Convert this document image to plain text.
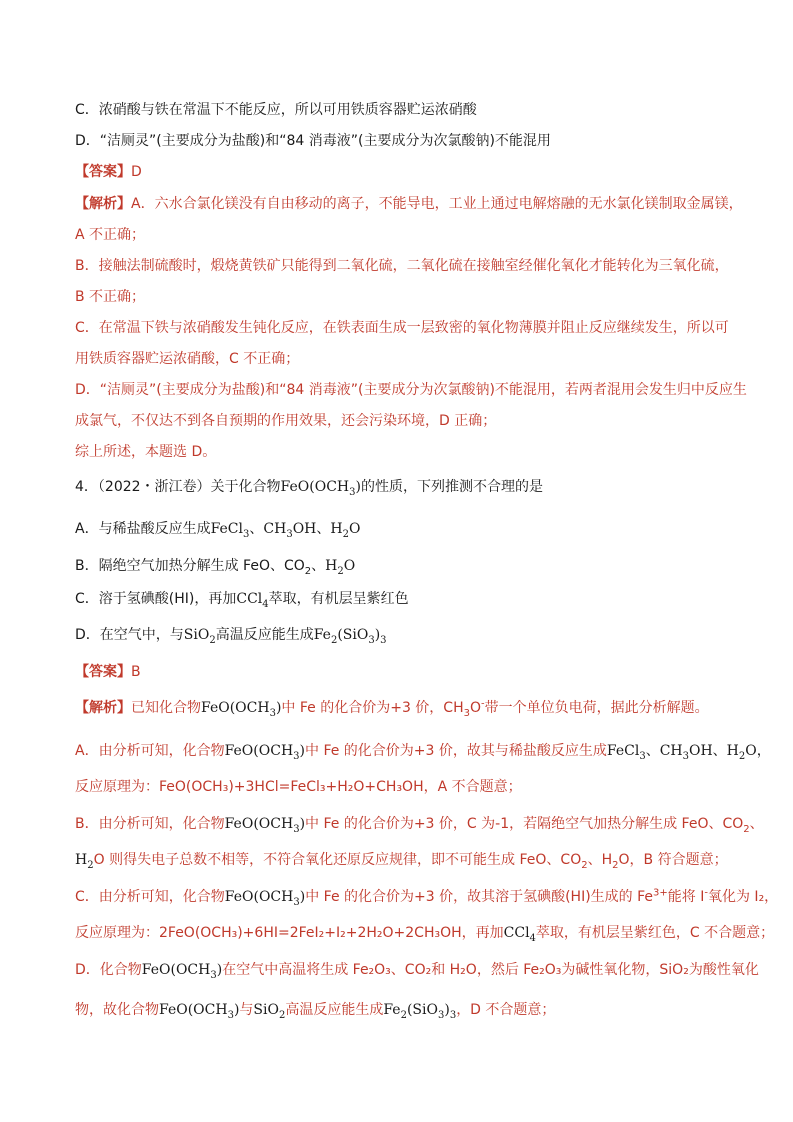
C．浓硝酸与铁在常温下不能反应，所以可用铁质容器贮运浓硝酸
D．“洁厕灵”(主要成分为盐酸)和“84 消毒液”(主要成分为次氯酸钠)不能混用
【答案】D
【解析】A．六水合氯化镁没有自由移动的离子，不能导电，工业上通过电解熔融的无水氯化镁制取金属镁，
A 不正确；
B．接触法制硫酸时，煅烧黄铁矿只能得到二氧化硫，二氧化硫在接触室经催化氧化才能转化为三氧化硫，
B 不正确；
C．在常温下铁与浓硝酸发生钝化反应，在铁表面生成一层致密的氧化物薄膜并阻止反应继续发生，所以可
用铁质容器贮运浓硝酸，C 不正确；
D．“洁厕灵”(主要成分为盐酸)和“84 消毒液”(主要成分为次氯酸钠)不能混用，若两者混用会发生归中反应生
成氯气，不仅达不到各自预期的作用效果，还会污染环境，D 正确；
综上所述，本题选 D。
4．（2022・浙江卷）关于化合物$FeO(OCH_3)$的性质，下列推测不合理的是
A．与稀盐酸反应生成FeCl$_3$、$CH_3OH$、$H_2O$
B．隔绝空气加热分解生成 FeO、$CO_2$、$H_2O$
C．溶于氢碘酸(HI)，再加CCl$_4$萃取，有机层呈紫红色
D．在空气中，与SiO$_2$高温反应能生成$Fe_2(SiO_3)_3$
【答案】B
【解析】已知化合物$FeO(OCH_3)$中 Fe 的化合价为+3 价，$CH_3O^-$带一个单位负电荷，据此分析解题。
A．由分析可知，化合物$FeO(OCH_3)$中 Fe 的化合价为+3 价，故其与稀盐酸反应生成FeCl$_3$、$CH_3OH$、$H_2O$，
反应原理为：FeO(OCH₃)+3HCl=FeCl₃+H₂O+CH₃OH，A 不合题意；
B．由分析可知，化合物$FeO(OCH_3)$中 Fe 的化合价为+3 价，C 为-1，若隔绝空气加热分解生成 FeO、$CO_2$、
$H_2O$ 则得失电子总数不相等，不符合氧化还原反应规律，即不可能生成 FeO、$CO_2$、$H_2O$，B 符合题意；
C．由分析可知，化合物$FeO(OCH_3)$中 Fe 的化合价为+3 价，故其溶于氢碘酸(HI)生成的 $Fe^{3+}$能将 I-氧化为 I₂，
反应原理为：2FeO(OCH₃)+6HI=2FeI₂+I₂+2H₂O+2CH₃OH，再加CCl$_4$萃取，有机层呈紫红色，C 不合题意；
D．化合物$FeO(OCH_3)$在空气中高温将生成 Fe₂O₃、CO₂和 H₂O，然后 Fe₂O₃为碱性氧化物，SiO₂为酸性氧化
物，故化合物$FeO(OCH_3)$与SiO$_2$高温反应能生成$Fe_2(SiO_3)_3$，D 不合题意；
